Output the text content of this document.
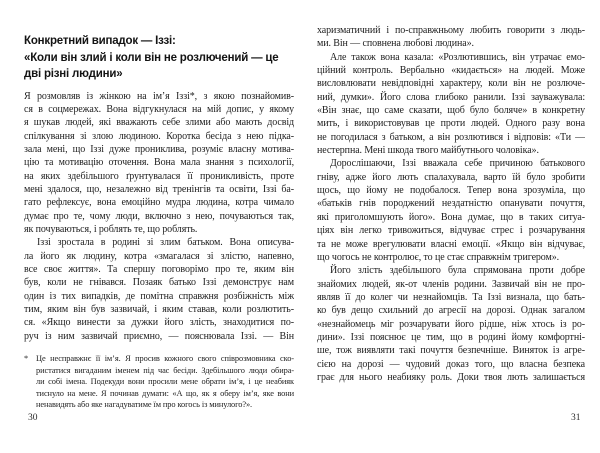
Конкретний випадок — Іззі:
«Коли він злий і коли він не розлючений — це
дві різні людини»
Я розмовляв із жінкою на ім’я Іззі*, з якою познайомив-
ся в соцмережах. Вона відгукнулася на мій допис, у якому
я шукав людей, які вважають себе злими або мають досвід
спілкування зі злою людиною. Коротка бесіда з нею підка-
зала мені, що Іззі дуже прониклива, розуміє власну мотива-
цію та мотивацію оточення. Вона мала знання з психології,
на яких здебільшого ґрунтувалася її проникливість, проте
мені здалося, що, незалежно від тренінгів та освіти, Іззі ба-
гато рефлексує, вона емоційно мудра людина, котра чимало
думає про те, чому люди, включно з нею, почуваються так,
як почуваються, і роблять те, що роблять.
Іззі зростала в родині зі злим батьком. Вона описува-
ла його як людину, котра «змагалася зі злістю, напевно,
все своє життя». Та спершу поговорімо про те, яким він
був, коли не гнівався. Позаяк батько Іззі демонструє нам
один із тих випадків, де помітна справжня розбіжність між
тим, яким він був зазвичай, і яким ставав, коли розлютить-
ся. «Якщо винести за дужки його злість, знаходитися по-
руч із ним зазвичай приємно, — пояснювала Іззі. — Він
* Це несправжнє її ім’я. Я просив кожного свого співрозмовника ско-
ристатися вигаданим іменем під час бесіди. Здебільшого люди обира-
ли собі імена. Подекуди вони просили мене обрати ім’я, і це неабияк
тиснуло на мене. Я починав думати: «А що, як я оберу ім’я, яке вони
ненавидять або яке нагадуватиме їм про когось із минулого?».
харизматичний і по-справжньому любить говорити з людь-
ми. Він — сповнена любові людина».
Але також вона казала: «Розлютившись, він утрачає емо-
ційний контроль. Вербально «кидається» на людей. Може
висловлювати невідповідні характеру, коли він не розлюче-
ний, думки». Його слова глибоко ранили. Іззі зауважувала:
«Він знає, що саме сказати, щоб було боляче» в конкретну
мить, і використовував це проти людей. Одного разу вона
не погодилася з батьком, а він розлютився і відповів: «Ти —
нестерпна. Мені шкода твого майбутнього чоловіка».
Дорослішаючи, Іззі вважала себе причиною батькового
гніву, адже його лють спалахувала, варто їй було зробити
щось, що йому не подобалося. Тепер вона зрозуміла, що
«батьків гнів породжений нездатністю опанувати почуття,
які приголомшують його». Вона думає, що в таких ситуа-
ціях він легко тривожиться, відчуває стрес і розчарування
та не може врегулювати власні емоції. «Якщо він відчуває,
що чогось не контролює, то це стає справжнім тригером».
Його злість здебільшого була спрямована проти добре
знайомих людей, як-от членів родини. Зазвичай він не про-
являв її до колег чи незнайомців. Та Іззі визнала, що бать-
ко був дещо схильний до агресії на дорозі. Однак загалом
«незнайомець міг розчарувати його рідше, ніж хтось із ро-
дини». Іззі пояснює це тим, що в родині йому комфортні-
ше, тож виявляти такі почуття безпечніше. Виняток із агре-
сією на дорозі — чудовий доказ того, що власна безпека
грає для нього неабияку роль. Доки твоя лють залишається
30	31
